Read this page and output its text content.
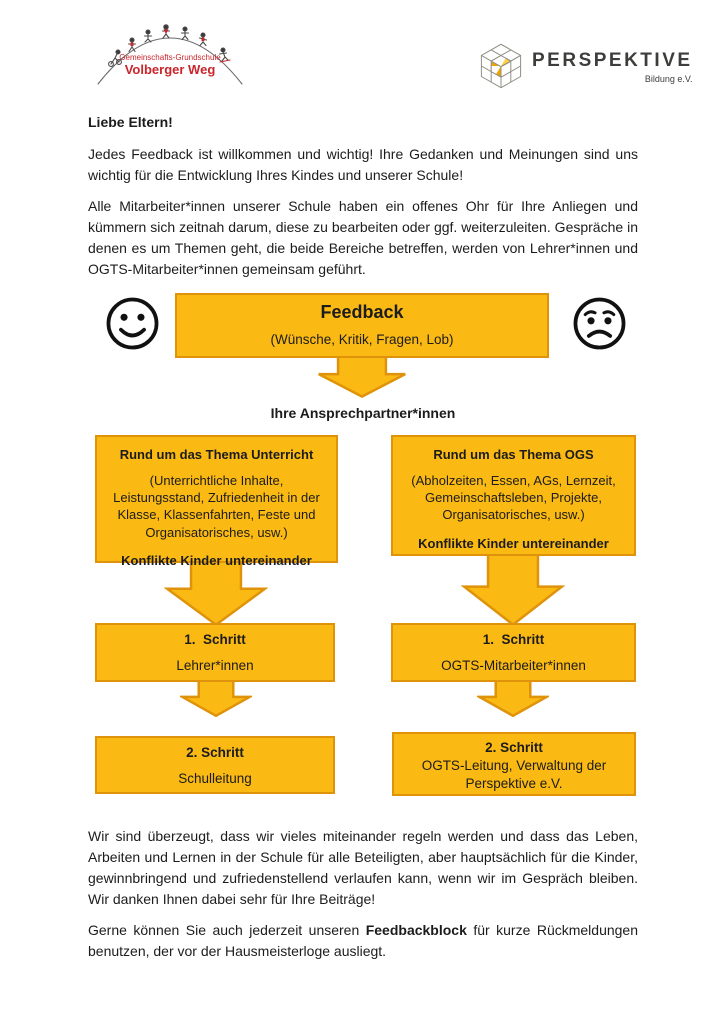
Gemeinschafts-Grundschule
Volberger Weg	PERSPEKTIVE
Bildung e.V.

Liebe Eltern!

Jedes Feedback ist willkommen und wichtig! Ihre Gedanken und Meinungen sind uns wichtig für die Entwicklung Ihres Kindes und unserer Schule!

Alle Mitarbeiter*innen unserer Schule haben ein offenes Ohr für Ihre Anliegen und kümmern sich zeitnah darum, diese zu bearbeiten oder ggf. weiterzuleiten. Gespräche in denen es um Themen geht, die beide Bereiche betreffen, werden von Lehrer*innen und OGTS-Mitarbeiter*innen gemeinsam geführt.

Feedback
(Wünsche, Kritik, Fragen, Lob)
Ihre Ansprechpartner*innen
Rund um das Thema Unterricht
(Unterrichtliche Inhalte, Leistungsstand, Zufriedenheit in der Klasse, Klassenfahrten, Feste und Organisatorisches, usw.)
Konflikte Kinder untereinander
Rund um das Thema OGS
(Abholzeiten, Essen, AGs, Lernzeit, Gemeinschaftsleben, Projekte, Organisatorisches, usw.)
Konflikte Kinder untereinander
1.  Schritt
Lehrer*innen
1.  Schritt
OGTS-Mitarbeiter*innen
2. Schritt
Schulleitung
2. Schritt
OGTS-Leitung, Verwaltung der Perspektive e.V.

Wir sind überzeugt, dass wir vieles miteinander regeln werden und dass das Leben, Arbeiten und Lernen in der Schule für alle Beteiligten, aber hauptsächlich für die Kinder, gewinnbringend und zufriedenstellend verlaufen kann, wenn wir im Gespräch bleiben. Wir danken Ihnen dabei sehr für Ihre Beiträge!

Gerne können Sie auch jederzeit unseren Feedbackblock für kurze Rückmeldungen benutzen, der vor der Hausmeisterloge ausliegt.
